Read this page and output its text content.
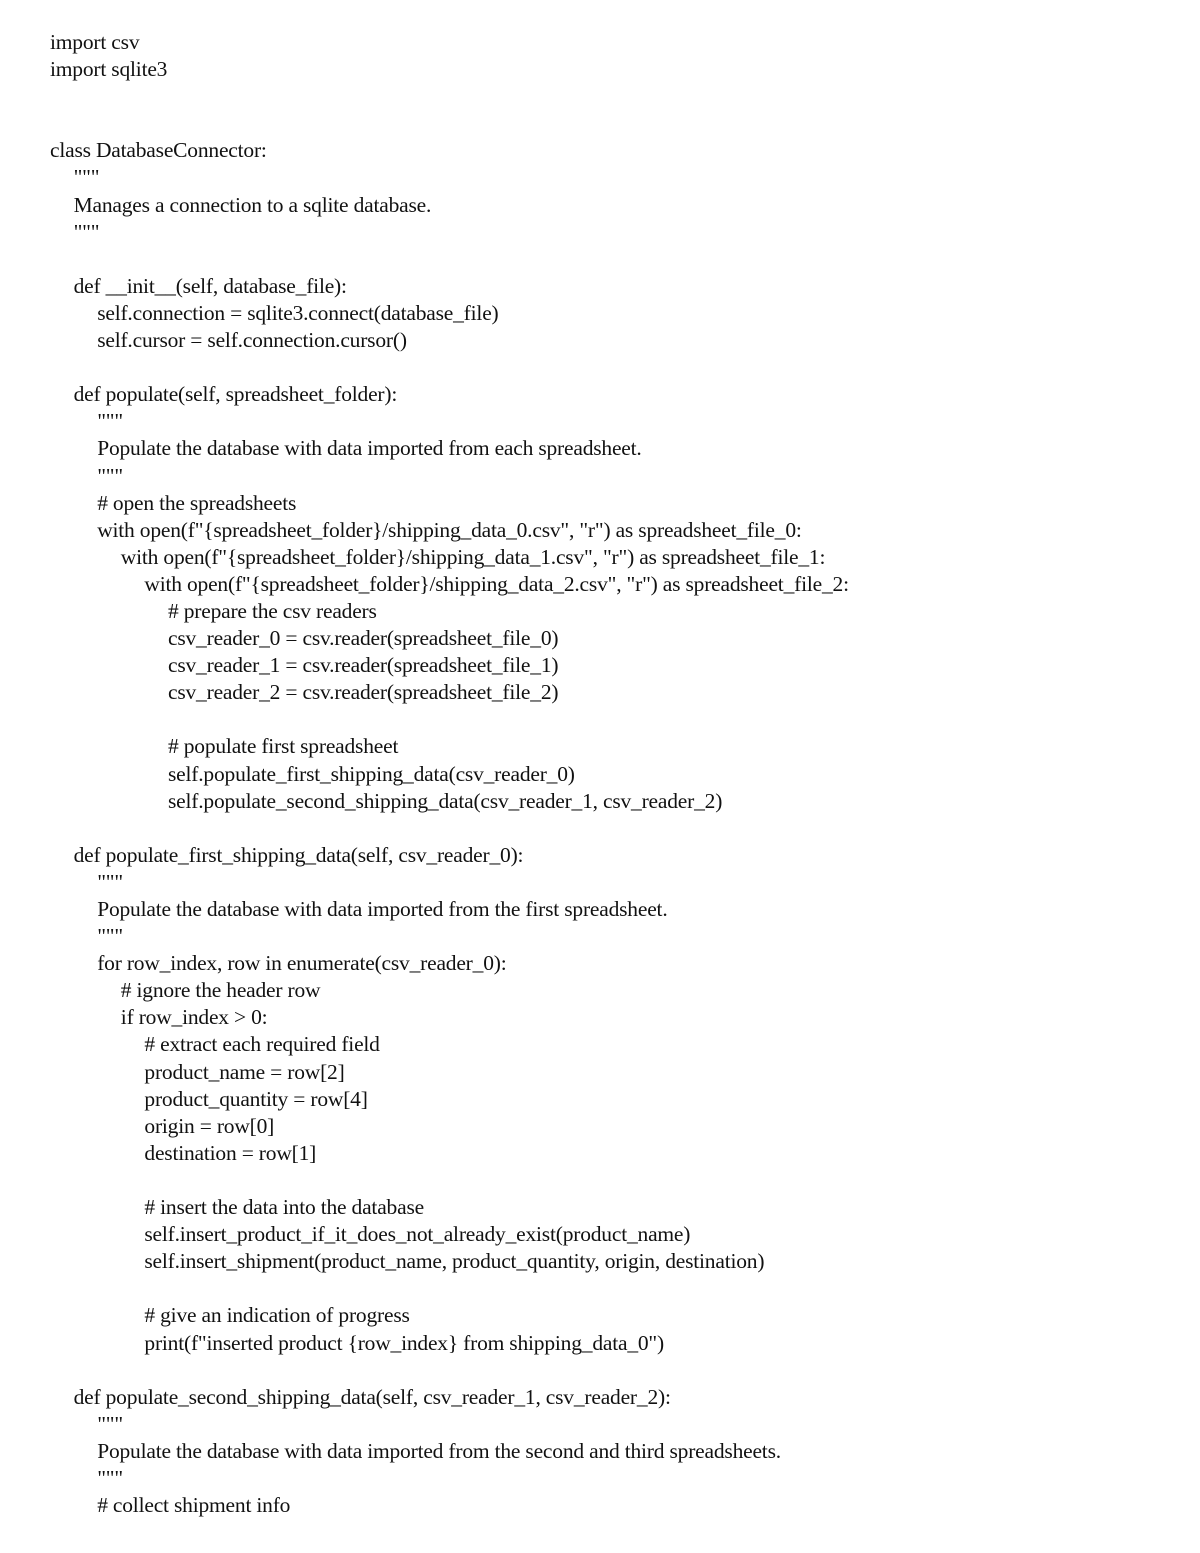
import csv
import sqlite3
class DatabaseConnector:
"""
Manages a connection to a sqlite database.
"""
def __init__(self, database_file):
self.connection = sqlite3.connect(database_file)
self.cursor = self.connection.cursor()
def populate(self, spreadsheet_folder):
"""
Populate the database with data imported from each spreadsheet.
"""
# open the spreadsheets
with open(f"{spreadsheet_folder}/shipping_data_0.csv", "r") as spreadsheet_file_0:
with open(f"{spreadsheet_folder}/shipping_data_1.csv", "r") as spreadsheet_file_1:
with open(f"{spreadsheet_folder}/shipping_data_2.csv", "r") as spreadsheet_file_2:
# prepare the csv readers
csv_reader_0 = csv.reader(spreadsheet_file_0)
csv_reader_1 = csv.reader(spreadsheet_file_1)
csv_reader_2 = csv.reader(spreadsheet_file_2)
# populate first spreadsheet
self.populate_first_shipping_data(csv_reader_0)
self.populate_second_shipping_data(csv_reader_1, csv_reader_2)
def populate_first_shipping_data(self, csv_reader_0):
"""
Populate the database with data imported from the first spreadsheet.
"""
for row_index, row in enumerate(csv_reader_0):
# ignore the header row
if row_index > 0:
# extract each required field
product_name = row[2]
product_quantity = row[4]
origin = row[0]
destination = row[1]
# insert the data into the database
self.insert_product_if_it_does_not_already_exist(product_name)
self.insert_shipment(product_name, product_quantity, origin, destination)
# give an indication of progress
print(f"inserted product {row_index} from shipping_data_0")
def populate_second_shipping_data(self, csv_reader_1, csv_reader_2):
"""
Populate the database with data imported from the second and third spreadsheets.
"""
# collect shipment info
